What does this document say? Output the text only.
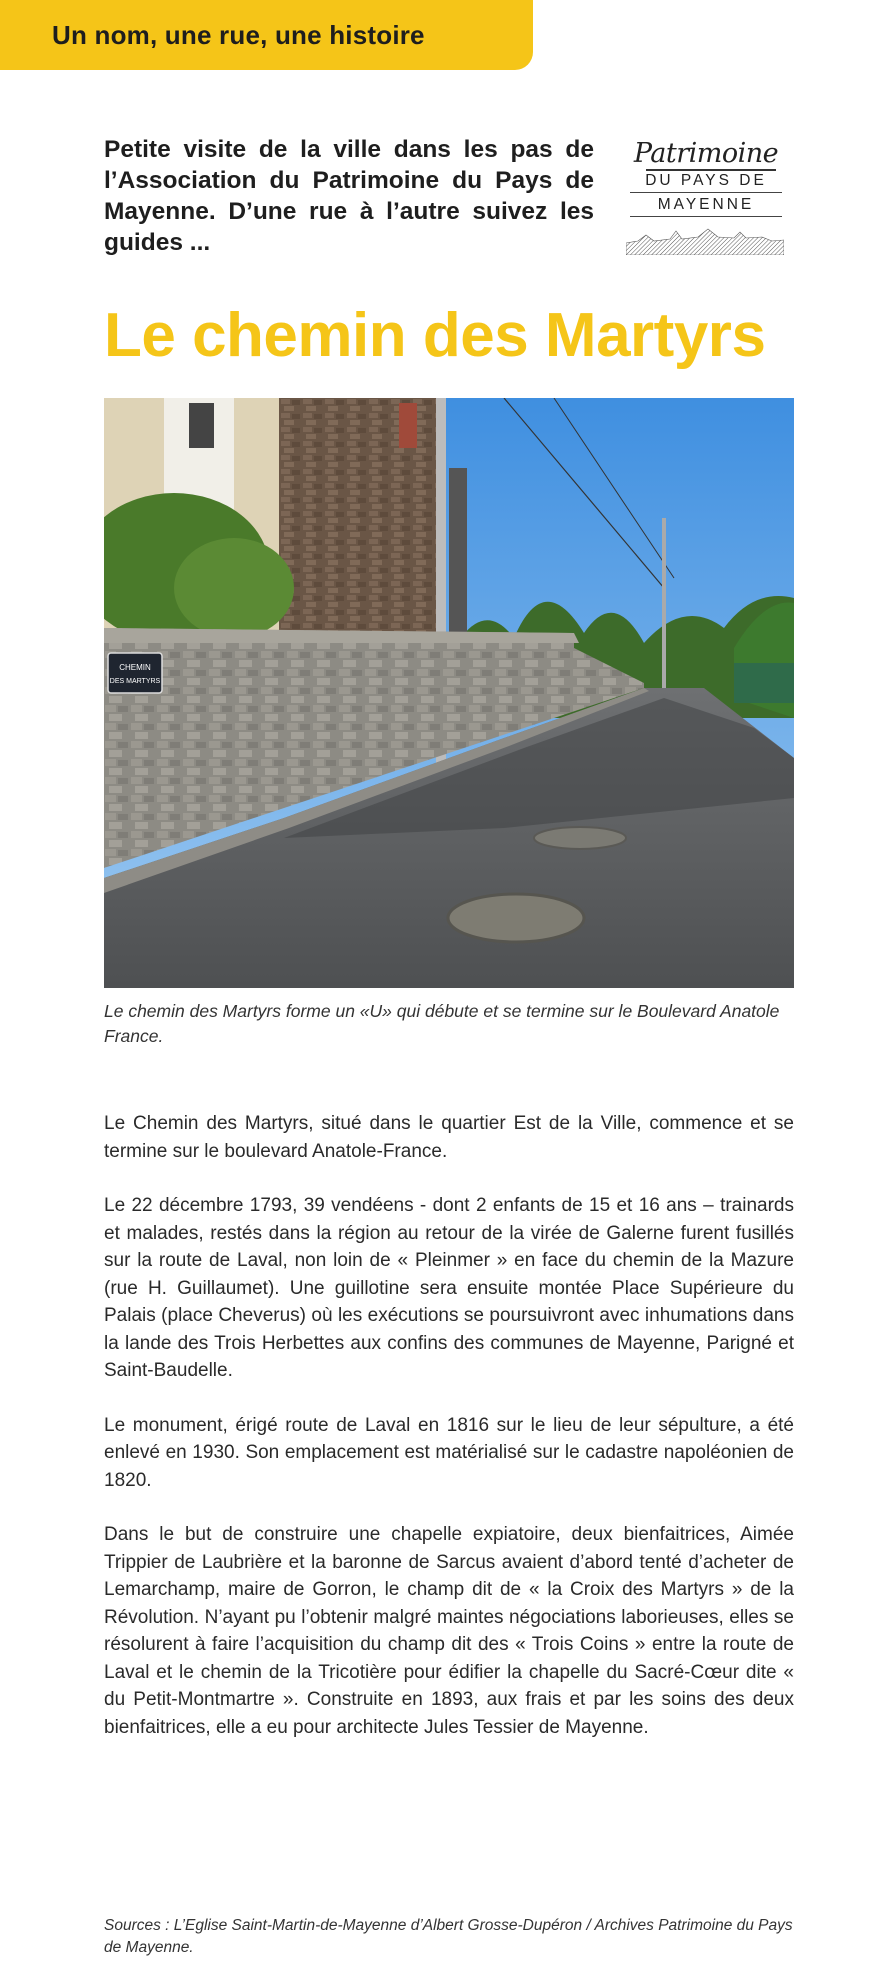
Un nom, une rue, une histoire
Petite visite de la ville dans les pas de l’Association du Patrimoine du Pays de Mayenne. D’une rue à l’autre suivez les guides ...
Patrimoine
DU PAYS DE
MAYENNE
Le chemin des Martyrs
CHEMIN
DES MARTYRS
Le chemin des Martyrs forme un «U» qui débute et se termine sur le Boulevard Anatole France.

Le Chemin des Martyrs, situé dans le quartier Est de la Ville, commence et se termine sur le boulevard Anatole-France.

Le 22 décembre 1793, 39 vendéens - dont 2 enfants de 15 et 16 ans – trainards et malades, restés dans la région au retour de la virée de Galerne furent fusillés sur la route de Laval, non loin de « Pleinmer » en face du chemin de la Mazure (rue H. Guillaumet). Une guillotine sera ensuite montée Place Supérieure du Palais (place Cheverus) où les exécutions se poursuivront avec inhumations dans la lande des Trois Herbettes aux confins des communes de Mayenne, Parigné et Saint-Baudelle.

Le monument, érigé route de Laval en 1816 sur le lieu de leur sépulture, a été enlevé en 1930. Son emplacement est matérialisé sur le cadastre napoléonien de 1820.

Dans le but de construire une chapelle expiatoire, deux bienfaitrices, Aimée Trippier de Laubrière et la baronne de Sarcus avaient d’abord tenté d’acheter de Lemarchamp, maire de Gorron, le champ dit de « la Croix des Martyrs » de la Révolution. N’ayant pu l’obtenir malgré maintes négociations laborieuses, elles se résolurent à faire l’acquisition du champ dit des « Trois Coins » entre la route de Laval et le chemin de la Tricotière pour édifier la chapelle du Sacré-Cœur dite « du Petit-Montmartre ». Construite en 1893, aux frais et par les soins des deux bienfaitrices, elle a eu pour architecte Jules Tessier de Mayenne.

Sources : L’Eglise Saint-Martin-de-Mayenne d’Albert Grosse-Dupéron / Archives Patrimoine du Pays de Mayenne.
